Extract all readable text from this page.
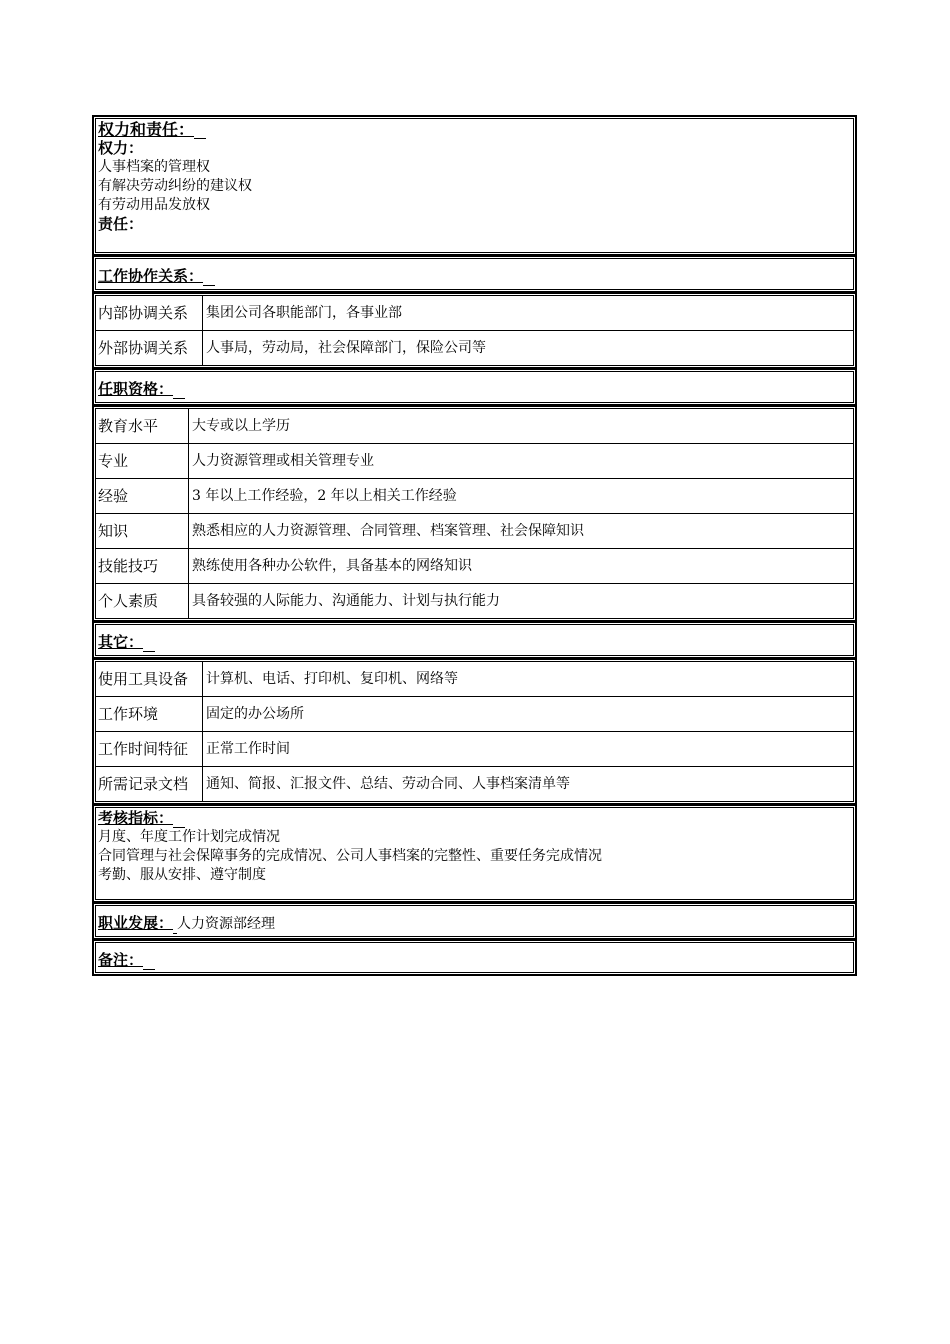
权力和责任：
权力：
人事档案的管理权
有解决劳动纠纷的建议权
有劳动用品发放权
责任：
工作协作关系：
内部协调关系	集团公司各职能部门，各事业部
外部协调关系	人事局，劳动局，社会保障部门，保险公司等
任职资格：
教育水平	大专或以上学历
专业	人力资源管理或相关管理专业
经验	3 年以上工作经验，2 年以上相关工作经验
知识	熟悉相应的人力资源管理、合同管理、档案管理、社会保障知识
技能技巧	熟练使用各种办公软件，具备基本的网络知识
个人素质	具备较强的人际能力、沟通能力、计划与执行能力
其它：
使用工具设备	计算机、电话、打印机、复印机、网络等
工作环境	固定的办公场所
工作时间特征	正常工作时间
所需记录文档	通知、简报、汇报文件、总结、劳动合同、人事档案清单等
考核指标：
月度、年度工作计划完成情况
合同管理与社会保障事务的完成情况、公司人事档案的完整性、重要任务完成情况
考勤、服从安排、遵守制度
职业发展： 人力资源部经理
备注：
